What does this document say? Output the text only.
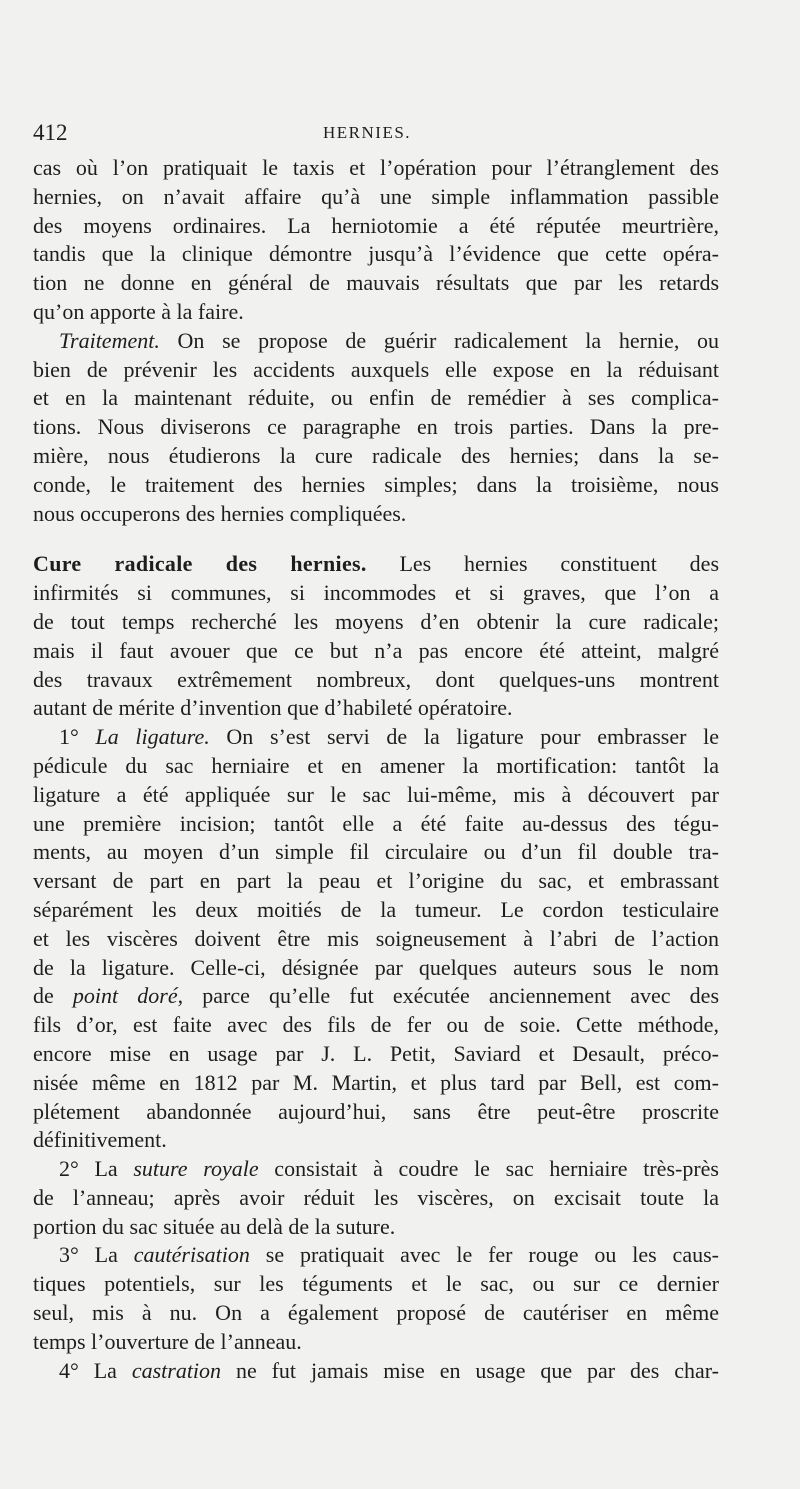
412	HERNIES.
cas où l’on pratiquait le taxis et l’opération pour l’étranglement des
hernies, on n’avait affaire qu’à une simple inflammation passible
des moyens ordinaires. La herniotomie a été réputée meurtrière,
tandis que la clinique démontre jusqu’à l’évidence que cette opéra-
tion ne donne en général de mauvais résultats que par les retards
qu’on apporte à la faire.
Traitement. On se propose de guérir radicalement la hernie, ou
bien de prévenir les accidents auxquels elle expose en la réduisant
et en la maintenant réduite, ou enfin de remédier à ses complica-
tions. Nous diviserons ce paragraphe en trois parties. Dans la pre-
mière, nous étudierons la cure radicale des hernies; dans la se-
conde, le traitement des hernies simples; dans la troisième, nous
nous occuperons des hernies compliquées.
Cure radicale des hernies. Les hernies constituent des
infirmités si communes, si incommodes et si graves, que l’on a
de tout temps recherché les moyens d’en obtenir la cure radicale;
mais il faut avouer que ce but n’a pas encore été atteint, malgré
des travaux extrêmement nombreux, dont quelques-uns montrent
autant de mérite d’invention que d’habileté opératoire.
1° La ligature. On s’est servi de la ligature pour embrasser le
pédicule du sac herniaire et en amener la mortification: tantôt la
ligature a été appliquée sur le sac lui-même, mis à découvert par
une première incision; tantôt elle a été faite au-dessus des tégu-
ments, au moyen d’un simple fil circulaire ou d’un fil double tra-
versant de part en part la peau et l’origine du sac, et embrassant
séparément les deux moitiés de la tumeur. Le cordon testiculaire
et les viscères doivent être mis soigneusement à l’abri de l’action
de la ligature. Celle-ci, désignée par quelques auteurs sous le nom
de point doré, parce qu’elle fut exécutée anciennement avec des
fils d’or, est faite avec des fils de fer ou de soie. Cette méthode,
encore mise en usage par J. L. Petit, Saviard et Desault, préco-
nisée même en 1812 par M. Martin, et plus tard par Bell, est com-
plétement abandonnée aujourd’hui, sans être peut-être proscrite
définitivement.
2° La suture royale consistait à coudre le sac herniaire très-près
de l’anneau; après avoir réduit les viscères, on excisait toute la
portion du sac située au delà de la suture.
3° La cautérisation se pratiquait avec le fer rouge ou les caus-
tiques potentiels, sur les téguments et le sac, ou sur ce dernier
seul, mis à nu. On a également proposé de cautériser en même
temps l’ouverture de l’anneau.
4° La castration ne fut jamais mise en usage que par des char-
